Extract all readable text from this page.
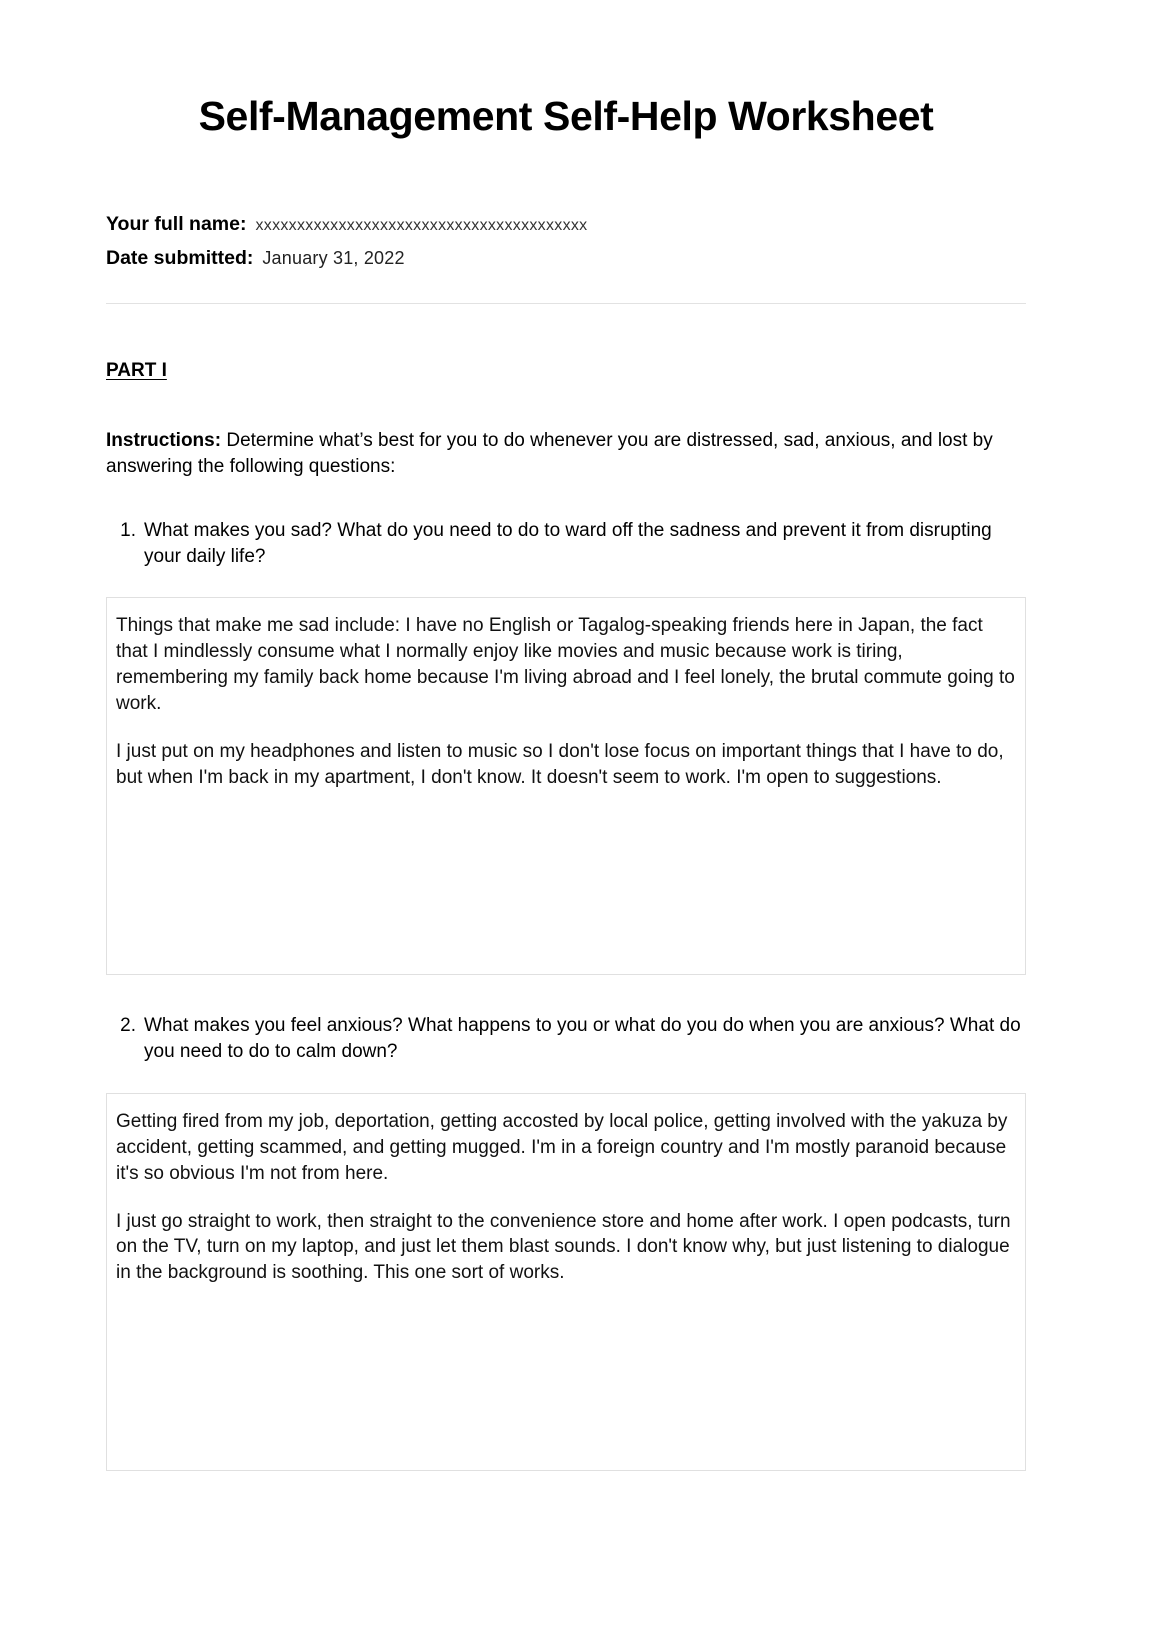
Self-Management Self-Help Worksheet
Your full name: xxxxxxxxxxxxxxxxxxxxxxxxxxxxxxxxxxxxxxxx
Date submitted: January 31, 2022
PART I

Instructions: Determine what’s best for you to do whenever you are distressed, sad, anxious, and lost by answering the following questions:

1. What makes you sad? What do you need to do to ward off the sadness and prevent it from disrupting your daily life?

Things that make me sad include: I have no English or Tagalog-speaking friends here in Japan, the fact that I mindlessly consume what I normally enjoy like movies and music because work is tiring, remembering my family back home because I'm living abroad and I feel lonely, the brutal commute going to work.

I just put on my headphones and listen to music so I don't lose focus on important things that I have to do, but when I'm back in my apartment, I don't know. It doesn't seem to work. I'm open to suggestions.

2. What makes you feel anxious? What happens to you or what do you do when you are anxious? What do you need to do to calm down?

Getting fired from my job, deportation, getting accosted by local police, getting involved with the yakuza by accident, getting scammed, and getting mugged. I'm in a foreign country and I'm mostly paranoid because it's so obvious I'm not from here.

I just go straight to work, then straight to the convenience store and home after work. I open podcasts, turn on the TV, turn on my laptop, and just let them blast sounds. I don't know why, but just listening to dialogue in the background is soothing. This one sort of works.
